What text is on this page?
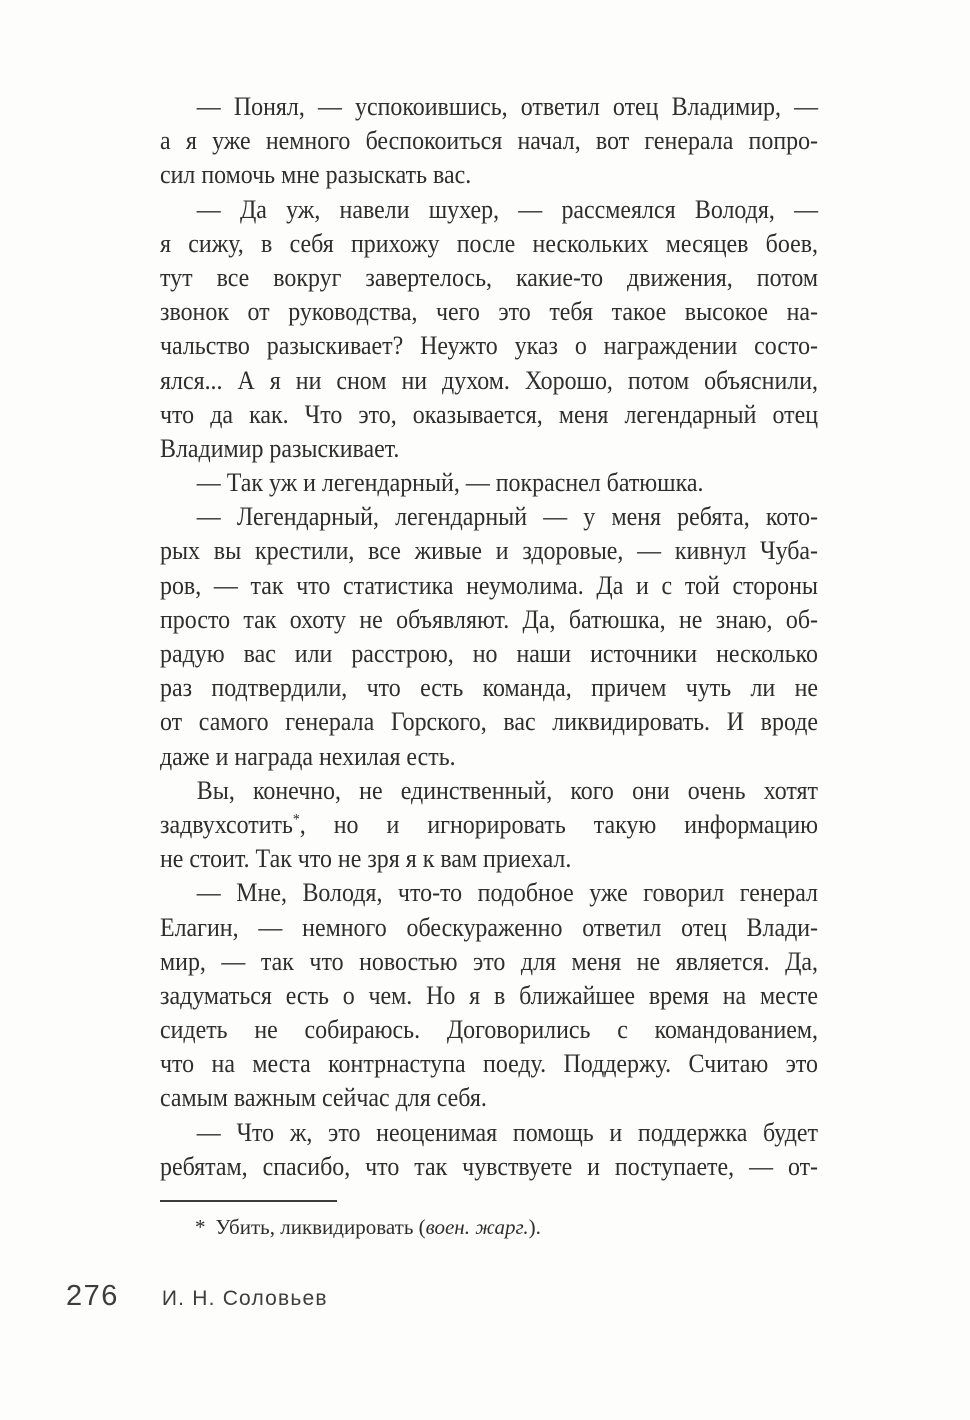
— Понял, — успокоившись, ответил отец Владимир, —
а я уже немного беспокоиться начал, вот генерала попро-
сил помочь мне разыскать вас.
— Да уж, навели шухер, — рассмеялся Володя, —
я сижу, в себя прихожу после нескольких месяцев боев,
тут все вокруг завертелось, какие-то движения, потом
звонок от руководства, чего это тебя такое высокое на-
чальство разыскивает? Неужто указ о награждении состо-
ялся... А я ни сном ни духом. Хорошо, потом объяснили,
что да как. Что это, оказывается, меня легендарный отец
Владимир разыскивает.
— Так уж и легендарный, — покраснел батюшка.
— Легендарный, легендарный — у меня ребята, кото-
рых вы крестили, все живые и здоровые, — кивнул Чуба-
ров, — так что статистика неумолима. Да и с той стороны
просто так охоту не объявляют. Да, батюшка, не знаю, об-
радую вас или расстрою, но наши источники несколько
раз подтвердили, что есть команда, причем чуть ли не
от самого генерала Горского, вас ликвидировать. И вроде
даже и награда нехилая есть.
Вы, конечно, не единственный, кого они очень хотят
задвухсотить*, но и игнорировать такую информацию
не стоит. Так что не зря я к вам приехал.
— Мне, Володя, что-то подобное уже говорил генерал
Елагин, — немного обескураженно ответил отец Влади-
мир, — так что новостью это для меня не является. Да,
задуматься есть о чем. Но я в ближайшее время на месте
сидеть не собираюсь. Договорились с командованием,
что на места контрнаступа поеду. Поддержу. Считаю это
самым важным сейчас для себя.
— Что ж, это неоценимая помощь и поддержка будет
ребятам, спасибо, что так чувствуете и поступаете, — от-
* Убить, ликвидировать (воен. жарг.).
276 И. Н. Соловьев
